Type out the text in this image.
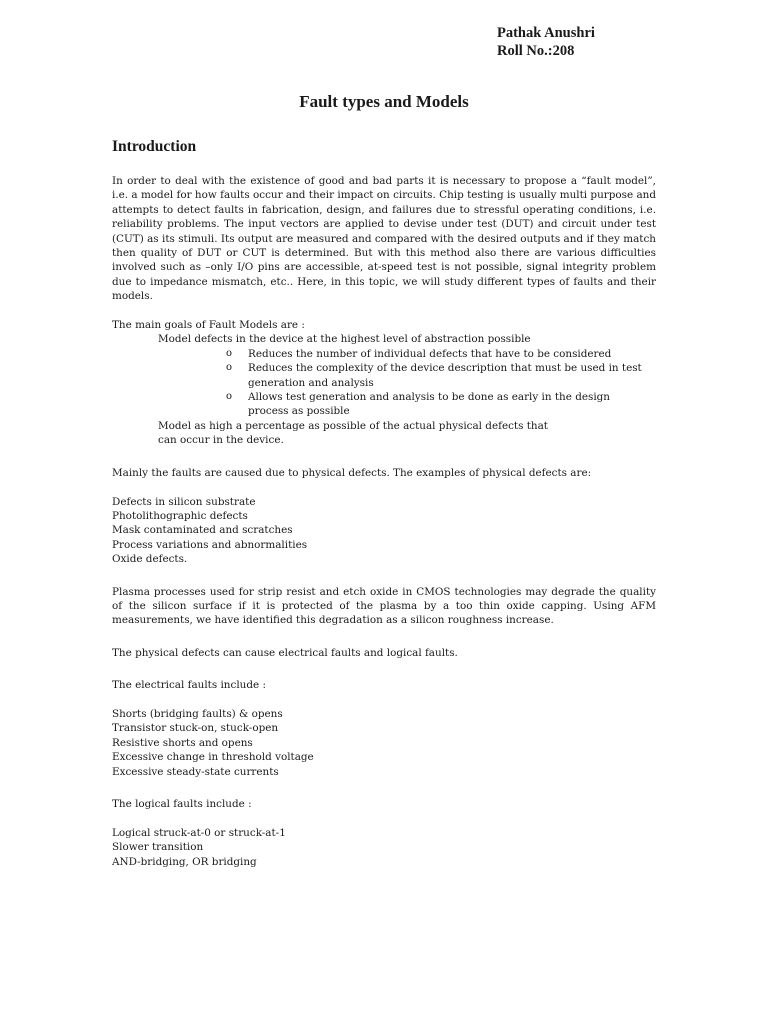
Pathak Anushri
Roll No.:208
Fault types and Models
Introduction

In order to deal with the existence of good and bad parts it is necessary to propose a “fault model”, i.e. a model for how faults occur and their impact on circuits. Chip testing is usually multi purpose and attempts to detect faults in fabrication, design, and failures due to stressful operating conditions, i.e. reliability problems. The input vectors are applied to devise under test (DUT) and circuit under test (CUT) as its stimuli. Its output are measured and compared with the desired outputs and if they match then quality of DUT or CUT is determined. But with this method also there are various difficulties involved such as –only I/O pins are accessible, at-speed test is not possible, signal integrity problem due to impedance mismatch, etc.. Here, in this topic, we will study different types of faults and their models.

The main goals of Fault Models are :

Model defects in the device at the highest level of abstraction possible

o Reduces the number of individual defects that have to be considered
o Reduces the complexity of the device description that must be used in test generation and analysis
o Allows test generation and analysis to be done as early in the design process as possible

Model as high a percentage as possible of the actual physical defects that can occur in the device.

Mainly the faults are caused due to physical defects. The examples of physical defects are:

Defects in silicon substrate
Photolithographic defects
Mask contaminated and scratches
Process variations and abnormalities
Oxide defects.

Plasma processes used for strip resist and etch oxide in CMOS technologies may degrade the quality of the silicon surface if it is protected of the plasma by a too thin oxide capping. Using AFM measurements, we have identified this degradation as a silicon roughness increase.

The physical defects can cause electrical faults and logical faults.

The electrical faults include :

Shorts (bridging faults) & opens
Transistor stuck-on, stuck-open
Resistive shorts and opens
Excessive change in threshold voltage
Excessive steady-state currents

The logical faults include :

Logical struck-at-0 or struck-at-1
Slower transition
AND-bridging, OR bridging
